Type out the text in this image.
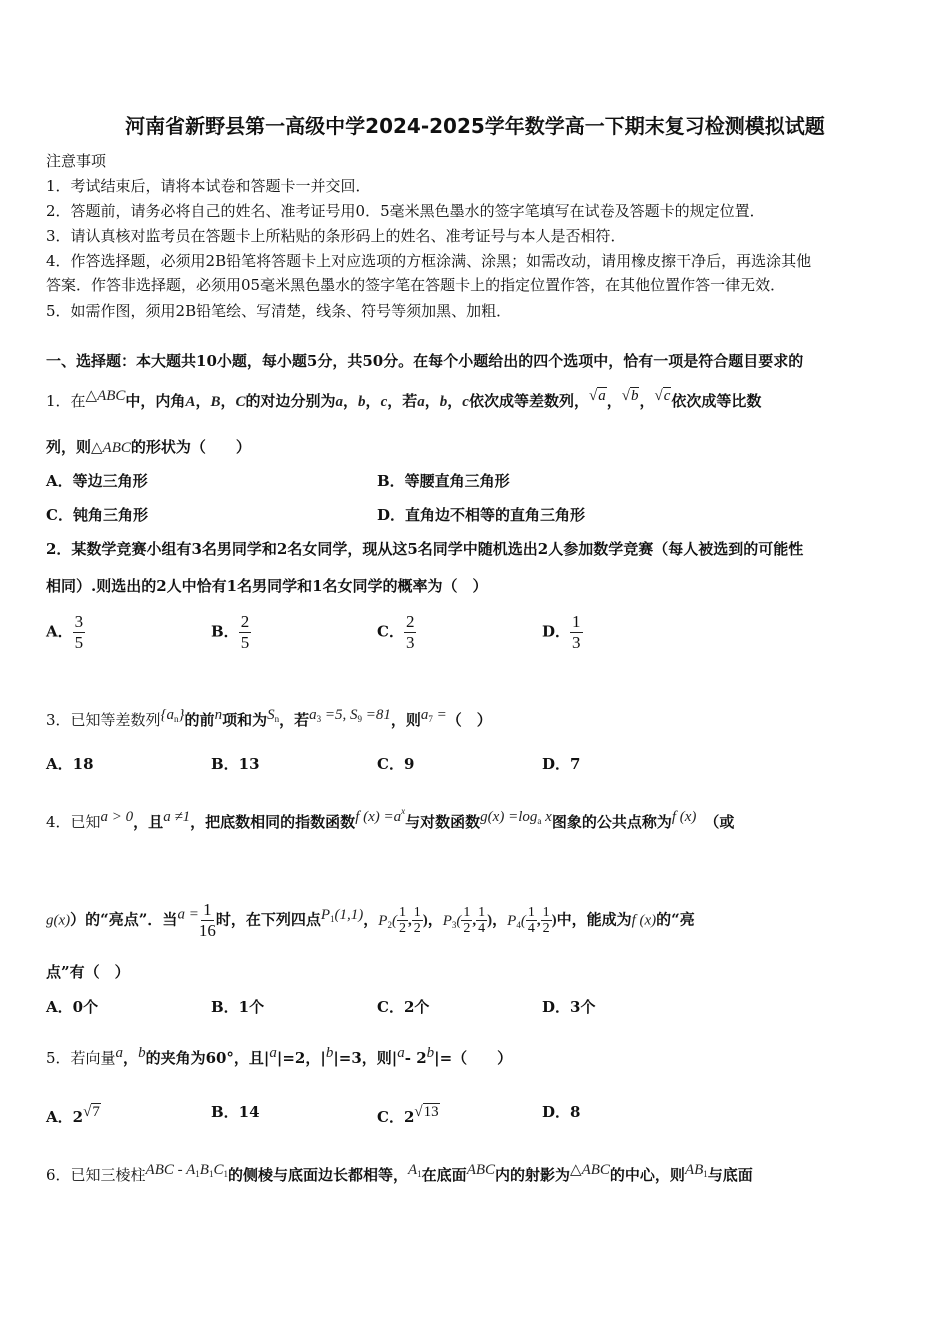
河南省新野县第一高级中学2024-2025学年数学高一下期末复习检测模拟试题
注意事项
1．考试结束后，请将本试卷和答题卡一并交回．
2．答题前，请务必将自己的姓名、准考证号用0．5毫米黑色墨水的签字笔填写在试卷及答题卡的规定位置．
3．请认真核对监考员在答题卡上所粘贴的条形码上的姓名、准考证号与本人是否相符．
4．作答选择题，必须用2B铅笔将答题卡上对应选项的方框涂满、涂黑；如需改动，请用橡皮擦干净后，再选涂其他
答案．作答非选择题，必须用05毫米黑色墨水的签字笔在答题卡上的指定位置作答，在其他位置作答一律无效．
5．如需作图，须用2B铅笔绘、写清楚，线条、符号等须加黑、加粗．
一、选择题：本大题共10小题，每小题5分，共50分。在每个小题给出的四个选项中，恰有一项是符合题目要求的
1．在△ABC中，内角A，B，C的对边分别为a，b，c，若a，b，c依次成等差数列，√a，√b，√c依次成等比数
列，则△ABC的形状为（　　）
A．等边三角形	B．等腰直角三角形
C．钝角三角形	D．直角边不相等的直角三角形
2．某数学竞赛小组有3名男同学和2名女同学，现从这5名同学中随机选出2人参加数学竞赛（每人被选到的可能性
相同）.则选出的2人中恰有1名男同学和1名女同学的概率为（　）
A． $\frac{3}{5}$	B． $\frac{2}{5}$	C． $\frac{2}{3}$	D． $\frac{1}{3}$
3．已知等差数列$\{a_n\}$的前n项和为$S_n$，若$a_3 =5$, $S_9 =81$，则$a_7$ =（　）
A．18	B．13	C．9	D．7
4．已知a > 0，且a ≠1，把底数相同的指数函数f $(x) =a^x$与对数函数$g(x) =\log_a$ x图象的公共点称为f (x) （或
g(x)）的“亮点”．当$a = \frac{1}{16}$ 时，在下列四点$P_1(1,1)$，$P_2( \frac{1}{2}$ , $\frac{1}{2}$ )，$P_3( \frac{1}{2}$ , $\frac{1}{4}$ )，$P_4( \frac{1}{4}$ , $\frac{1}{2}$ )中，能成为f (x)的“亮
点”有（　）
A．0个	B．1个	C．2个	D．3个
5．若向量a，b的夹角为60°，且|a|=2，|b|=3，则|a- 2b|=（　　）
A．2√7	B．14	C．2√13	D．8
6．已知三棱柱ABC - $A_1B_1C_1$的侧棱与底面边长都相等，$A_1$在底面ABC内的射影为△ABC的中心，则$AB_1$与底面
